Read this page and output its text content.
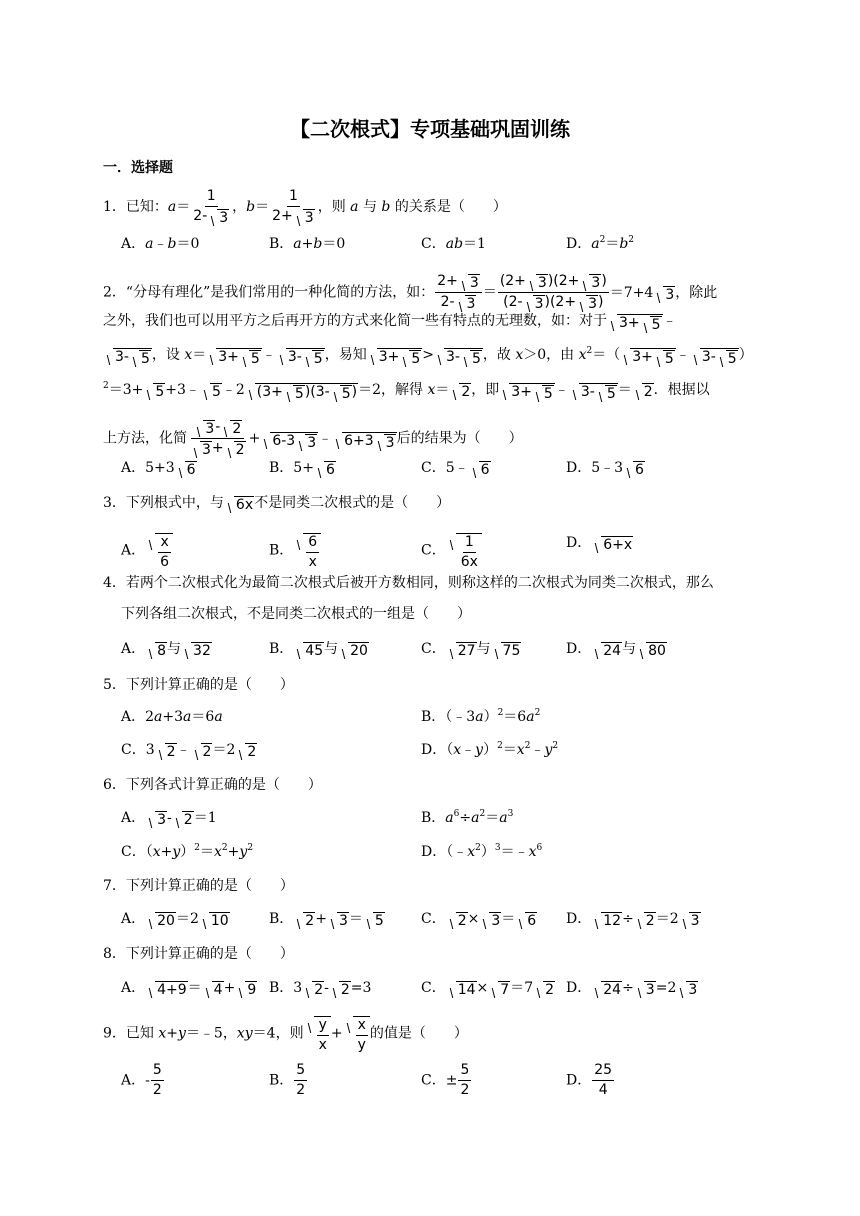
【二次根式】专项基础巩固训练
一．选择题
1．已知：$a= \frac{1}{2- 3}$ ，$b= \frac{1}{2+ 3}$ ，则 a 与 b 的关系是（　　）
A．a﹣b＝0	B．a+b＝0	C．ab＝1	D．$a^2=b^2$
2．“分母有理化”是我们常用的一种化简的方法，如： $\frac{2+ 3}{2- 3} = \frac{(2+ 3)(2+ 3)}{(2- 3)(2+ 3)} =7+4$ 3，除此
之外，我们也可以用平方之后再开方的方式来化简一些有特点的无理数，如：对于 3+ 5 ﹣
3- 5 ，设 x＝ 3+ 5 ﹣ 3- 5 ，易知 3+ 5 > 3- 5 ，故 x＞0，由 $x^2=$（ 3+ 5 ﹣ 3- 5 ）
$^2$＝3+ 5+3﹣ 5﹣2 (3+ 5)(3- 5)＝2，解得 x＝ 2，即 3+ 5 ﹣ 3- 5 ＝ 2．根据以
上方法，化简 $\frac{3- 2}{3+ 2} + 6-3$ 3 ﹣ 6+3 3 后的结果为（　　）
A．5+3 6	B．5+ 6	C．5﹣ 6	D．5﹣3 6
3．下列根式中，与 6x不是同类二次根式的是（　　）
A． $\frac{x}{6}$	B． $\frac{6}{x}$	C． $\frac{1}{6x}$	D． 6+x
4．若两个二次根式化为最简二次根式后被开方数相同，则称这样的二次根式为同类二次根式，那么
下列各组二次根式，不是同类二次根式的一组是（　　）
A． 8与 32	B． 45与 20	C． 27与 75	D． 24与 80
5．下列计算正确的是（　　）
A．2a+3a＝6a	B．$(﹣3a)^2=6a^2$
C．3 2﹣ 2＝2 2	D．$(x﹣y)^2=x^2﹣y^2$
6．下列各式计算正确的是（　　）
A． 3- 2＝1	B．$a^6\div a^2=a^3$
C．$(x+y)^2=x^2+y^2$	D．$(﹣x^2)^3=﹣x^6$
7．下列计算正确的是（　　）
A． 20＝2 10	B． 2+ 3＝ 5	C． 2× 3＝ 6 D． 12÷ 2＝2 3
8．下列计算正确的是（　　）
A． 4+9＝ 4+ 9 B．3 2- 2=3	C． 14× 7＝7 2 D． 24÷ 3=2 3
9．已知 x+y＝﹣5，xy＝4，则 $\frac{y}{x} + \frac{x}{y}$ 的值是（　　）
A．- $\frac{5}{2}$	B． $\frac{5}{2}$	C．± $\frac{5}{2}$	D． $\frac{25}{4}$
